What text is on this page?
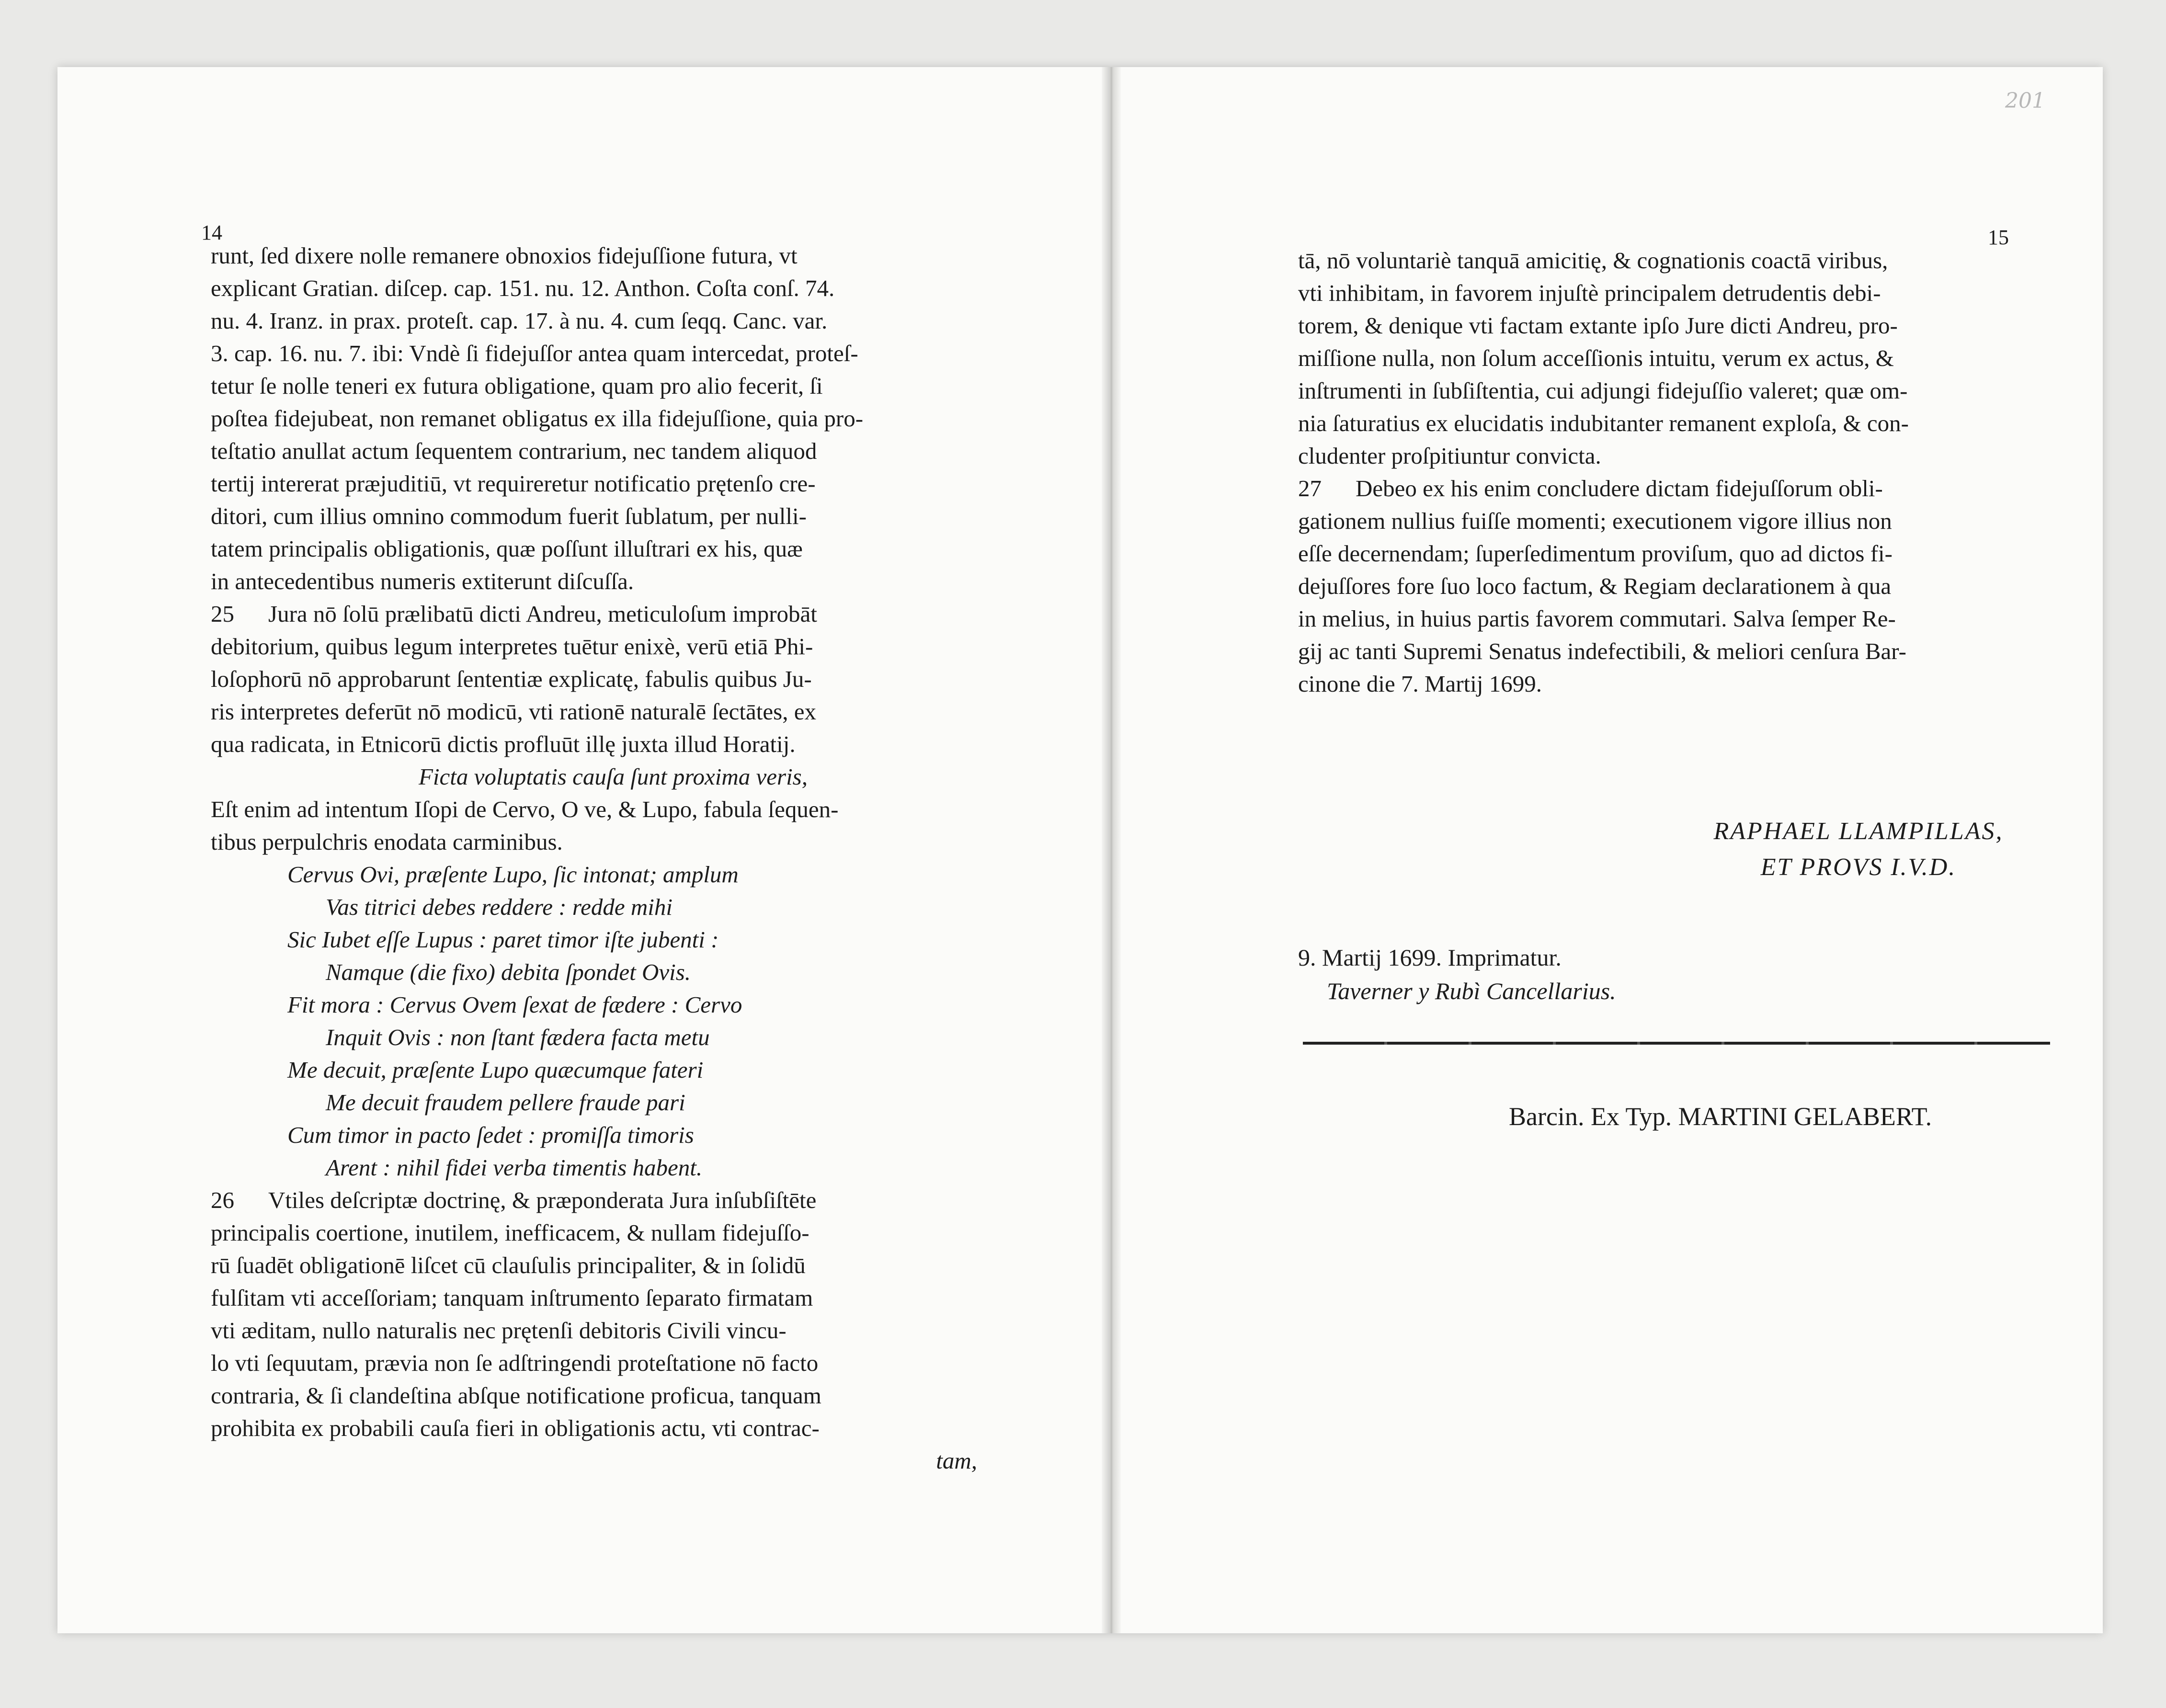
14

runt, ſed dixere nolle remanere obnoxios fidejuſſione futura, vt

explicant Gratian. diſcep. cap. 151. nu. 12. Anthon. Coſta conſ. 74.

nu. 4. Iranz. in prax. proteſt. cap. 17. à nu. 4. cum ſeqq. Canc. var.

3. cap. 16. nu. 7. ibi: Vndè ſi fidejuſſor antea quam intercedat, proteſ-

tetur ſe nolle teneri ex futura obligatione, quam pro alio fecerit, ſi

poſtea fidejubeat, non remanet obligatus ex illa fidejuſſione, quia pro-

teſtatio anullat actum ſequentem contrarium, nec tandem aliquod

tertij intererat præjuditiū, vt requireretur notificatio prętenſo cre-

ditori, cum illius omnino commodum fuerit ſublatum, per nulli-

tatem principalis obligationis, quæ poſſunt illuſtrari ex his, quæ

in antecedentibus numeris extiterunt diſcuſſa.

25 Jura nō ſolū prælibatū dicti Andreu, meticuloſum improbāt

debitorium, quibus legum interpretes tuētur enixè, verū etiā Phi-

loſophorū nō approbarunt ſententiæ explicatę, fabulis quibus Ju-

ris interpretes deferūt nō modicū, vti rationē naturalē ſectātes, ex

qua radicata, in Etnicorū dictis profluūt illę juxta illud Horatij.

Ficta voluptatis cauſa ſunt proxima veris,

Eſt enim ad intentum Iſopi de Cervo, O ve, & Lupo, fabula ſequen-

tibus perpulchris enodata carminibus.

Cervus Ovi, præſente Lupo, ſic intonat; amplum

Vas titrici debes reddere : redde mihi

Sic Iubet eſſe Lupus : paret timor iſte jubenti :

Namque (die fixo) debita ſpondet Ovis.

Fit mora : Cervus Ovem ſexat de fædere : Cervo

Inquit Ovis : non ſtant fædera facta metu

Me decuit, præſente Lupo quæcumque fateri

Me decuit fraudem pellere fraude pari

Cum timor in pacto ſedet : promiſſa timoris

Arent : nihil fidei verba timentis habent.

26 Vtiles deſcriptæ doctrinę, & præponderata Jura inſubſiſtēte

principalis coertione, inutilem, inefficacem, & nullam fidejuſſo-

rū ſuadēt obligationē liſcet cū clauſulis principaliter, & in ſolidū

fulſitam vti acceſſoriam; tanquam inſtrumento ſeparato firmatam

vti æditam, nullo naturalis nec prętenſi debitoris Civili vincu-

lo vti ſequutam, prævia non ſe adſtringendi proteſtatione nō facto

contraria, & ſi clandeſtina abſque notificatione proficua, tanquam

prohibita ex probabili cauſa fieri in obligationis actu, vti contrac-

tam,

201
15

tā, nō voluntariè tanquā amicitię, & cognationis coactā viribus,

vti inhibitam, in favorem injuſtè principalem detrudentis debi-

torem, & denique vti factam extante ipſo Jure dicti Andreu, pro-

miſſione nulla, non ſolum acceſſionis intuitu, verum ex actus, &

inſtrumenti in ſubſiſtentia, cui adjungi fidejuſſio valeret; quæ om-

nia ſaturatius ex elucidatis indubitanter remanent exploſa, & con-

cludenter proſpitiuntur convicta.

27 Debeo ex his enim concludere dictam fidejuſſorum obli-

gationem nullius fuiſſe momenti; executionem vigore illius non

eſſe decernendam; ſuperſedimentum proviſum, quo ad dictos fi-

dejuſſores fore ſuo loco factum, & Regiam declarationem à qua

in melius, in huius partis favorem commutari. Salva ſemper Re-

gij ac tanti Supremi Senatus indefectibili, & meliori cenſura Bar-

cinone die 7. Martij 1699.

RAPHAEL LLAMPILLAS,
ET PROVS I.V.D.
9. Martij 1699. Imprimatur.
Taverner y Rubì Cancellarius.
Barcin. Ex Typ. MARTINI GELABERT.
